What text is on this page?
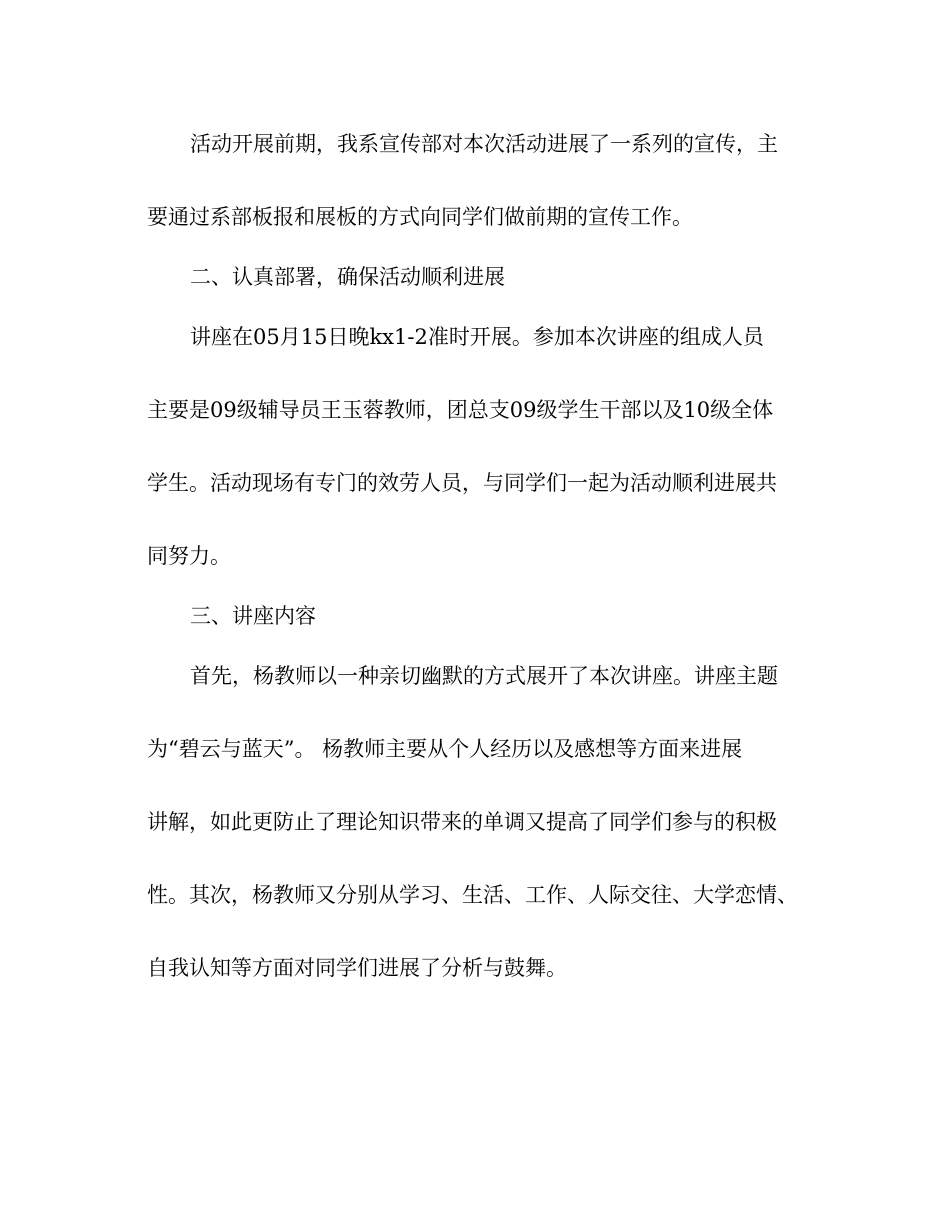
活动开展前期，我系宣传部对本次活动进展了一系列的宣传，主
要通过系部板报和展板的方式向同学们做前期的宣传工作。
二、认真部署，确保活动顺利进展
讲座在05月15日晚kx1-2准时开展。参加本次讲座的组成人员
主要是09级辅导员王玉蓉教师，团总支09级学生干部以及10级全体
学生。活动现场有专门的效劳人员，与同学们一起为活动顺利进展共
同努力。
三、讲座内容
首先，杨教师以一种亲切幽默的方式展开了本次讲座。讲座主题
为“碧云与蓝天”。 杨教师主要从个人经历以及感想等方面来进展
讲解，如此更防止了理论知识带来的单调又提高了同学们参与的积极
性。其次，杨教师又分别从学习、生活、工作、人际交往、大学恋情、
自我认知等方面对同学们进展了分析与鼓舞。
